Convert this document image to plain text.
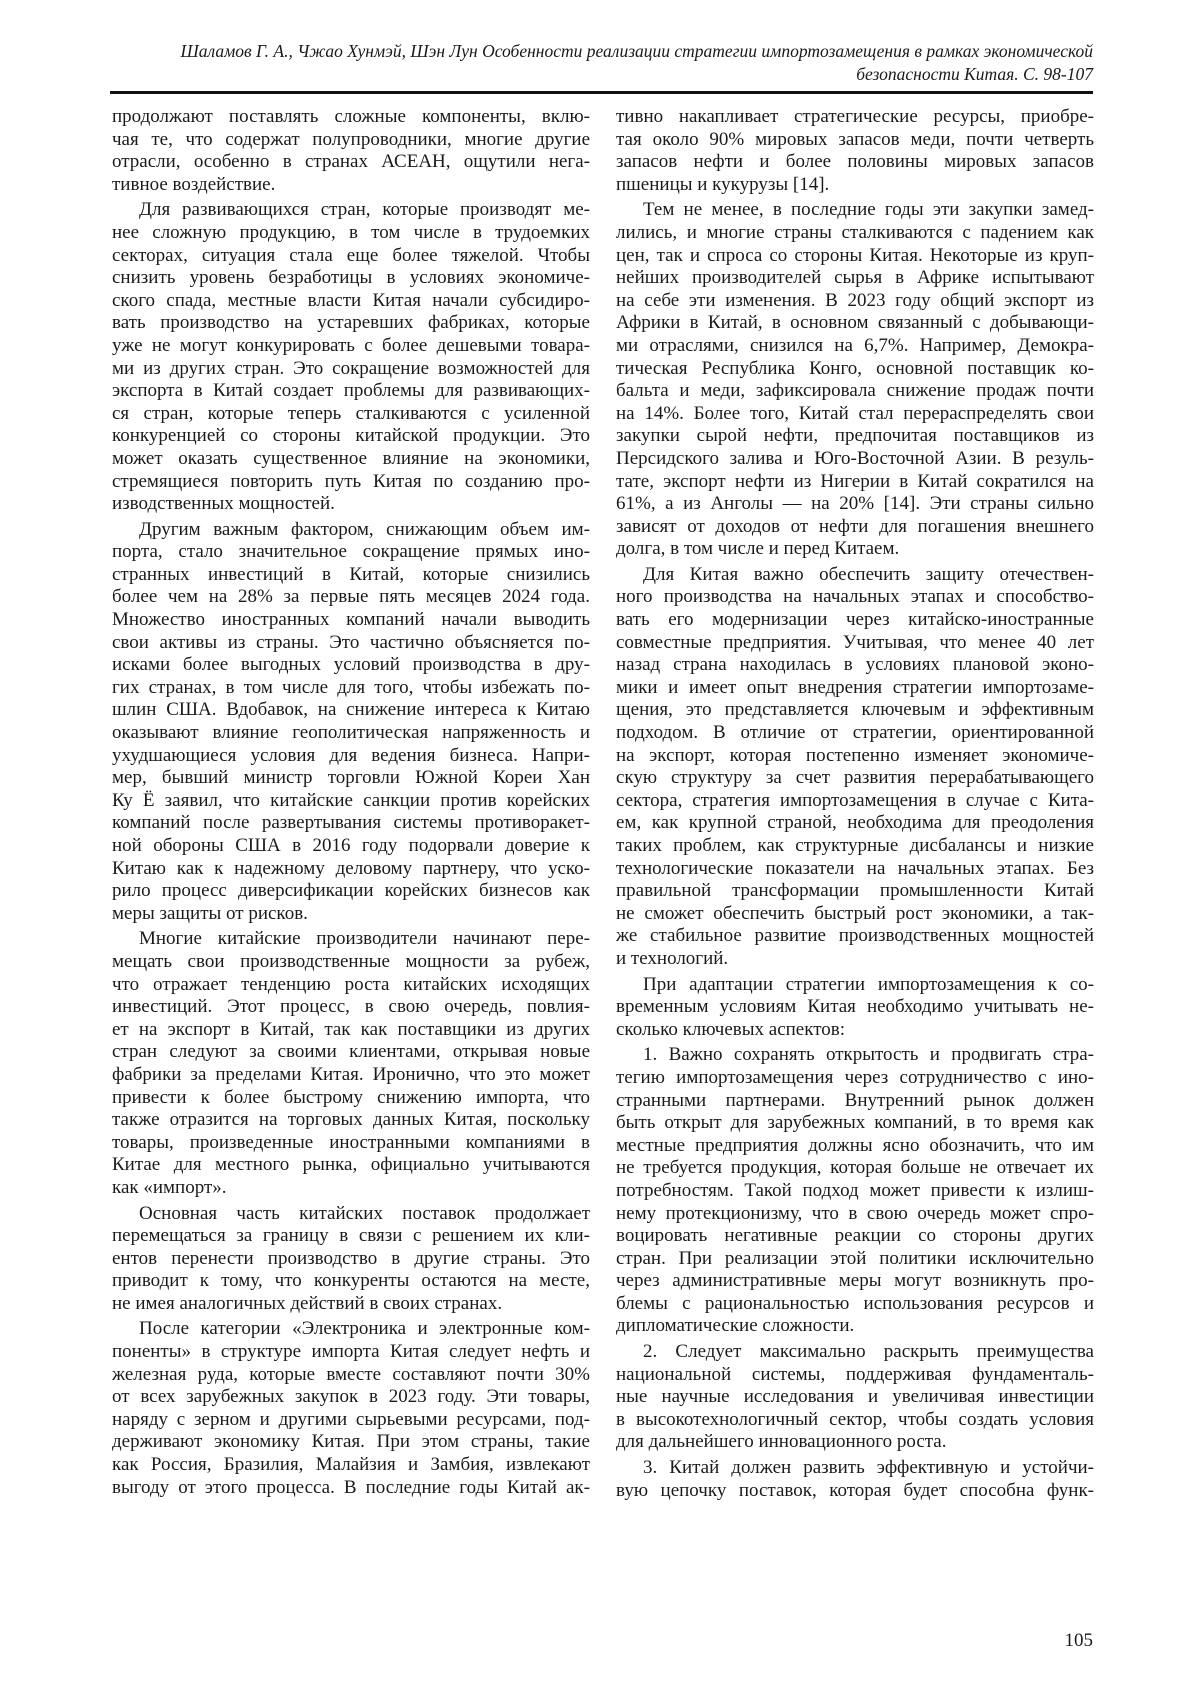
Шаламов Г. А., Чжао Хунмэй, Шэн Лун Особенности реализации стратегии импортозамещения в рамках экономической
безопасности Китая. С. 98-107
продолжают поставлять сложные компоненты, вклю-
чая те, что содержат полупроводники, многие другие
отрасли, особенно в странах АСЕАН, ощутили нега-
тивное воздействие.
Для развивающихся стран, которые производят ме-
нее сложную продукцию, в том числе в трудоемких
секторах, ситуация стала еще более тяжелой. Чтобы
снизить уровень безработицы в условиях экономиче-
ского спада, местные власти Китая начали субсидиро-
вать производство на устаревших фабриках, которые
уже не могут конкурировать с более дешевыми товара-
ми из других стран. Это сокращение возможностей для
экспорта в Китай создает проблемы для развивающих-
ся стран, которые теперь сталкиваются с усиленной
конкуренцией со стороны китайской продукции. Это
может оказать существенное влияние на экономики,
стремящиеся повторить путь Китая по созданию про-
изводственных мощностей.
Другим важным фактором, снижающим объем им-
порта, стало значительное сокращение прямых ино-
странных инвестиций в Китай, которые снизились
более чем на 28% за первые пять месяцев 2024 года.
Множество иностранных компаний начали выводить
свои активы из страны. Это частично объясняется по-
исками более выгодных условий производства в дру-
гих странах, в том числе для того, чтобы избежать по-
шлин США. Вдобавок, на снижение интереса к Китаю
оказывают влияние геополитическая напряженность и
ухудшающиеся условия для ведения бизнеса. Напри-
мер, бывший министр торговли Южной Кореи Хан
Ку Ё заявил, что китайские санкции против корейских
компаний после развертывания системы противоракет-
ной обороны США в 2016 году подорвали доверие к
Китаю как к надежному деловому партнеру, что уско-
рило процесс диверсификации корейских бизнесов как
меры защиты от рисков.
Многие китайские производители начинают пере-
мещать свои производственные мощности за рубеж,
что отражает тенденцию роста китайских исходящих
инвестиций. Этот процесс, в свою очередь, повлия-
ет на экспорт в Китай, так как поставщики из других
стран следуют за своими клиентами, открывая новые
фабрики за пределами Китая. Иронично, что это может
привести к более быстрому снижению импорта, что
также отразится на торговых данных Китая, поскольку
товары, произведенные иностранными компаниями в
Китае для местного рынка, официально учитываются
как «импорт».
Основная часть китайских поставок продолжает
перемещаться за границу в связи с решением их кли-
ентов перенести производство в другие страны. Это
приводит к тому, что конкуренты остаются на месте,
не имея аналогичных действий в своих странах.
После категории «Электроника и электронные ком-
поненты» в структуре импорта Китая следует нефть и
железная руда, которые вместе составляют почти 30%
от всех зарубежных закупок в 2023 году. Эти товары,
наряду с зерном и другими сырьевыми ресурсами, под-
держивают экономику Китая. При этом страны, такие
как Россия, Бразилия, Малайзия и Замбия, извлекают
выгоду от этого процесса. В последние годы Китай ак-
тивно накапливает стратегические ресурсы, приобре-
тая около 90% мировых запасов меди, почти четверть
запасов нефти и более половины мировых запасов
пшеницы и кукурузы [14].
Тем не менее, в последние годы эти закупки замед-
лились, и многие страны сталкиваются с падением как
цен, так и спроса со стороны Китая. Некоторые из круп-
нейших производителей сырья в Африке испытывают
на себе эти изменения. В 2023 году общий экспорт из
Африки в Китай, в основном связанный с добывающи-
ми отраслями, снизился на 6,7%. Например, Демокра-
тическая Республика Конго, основной поставщик ко-
бальта и меди, зафиксировала снижение продаж почти
на 14%. Более того, Китай стал перераспределять свои
закупки сырой нефти, предпочитая поставщиков из
Персидского залива и Юго-Восточной Азии. В резуль-
тате, экспорт нефти из Нигерии в Китай сократился на
61%, а из Анголы — на 20% [14]. Эти страны сильно
зависят от доходов от нефти для погашения внешнего
долга, в том числе и перед Китаем.
Для Китая важно обеспечить защиту отечествен-
ного производства на начальных этапах и способство-
вать его модернизации через китайско-иностранные
совместные предприятия. Учитывая, что менее 40 лет
назад страна находилась в условиях плановой эконо-
мики и имеет опыт внедрения стратегии импортозаме-
щения, это представляется ключевым и эффективным
подходом. В отличие от стратегии, ориентированной
на экспорт, которая постепенно изменяет экономиче-
скую структуру за счет развития перерабатывающего
сектора, стратегия импортозамещения в случае с Кита-
ем, как крупной страной, необходима для преодоления
таких проблем, как структурные дисбалансы и низкие
технологические показатели на начальных этапах. Без
правильной трансформации промышленности Китай
не сможет обеспечить быстрый рост экономики, а так-
же стабильное развитие производственных мощностей
и технологий.
При адаптации стратегии импортозамещения к со-
временным условиям Китая необходимо учитывать не-
сколько ключевых аспектов:
1. Важно сохранять открытость и продвигать стра-
тегию импортозамещения через сотрудничество с ино-
странными партнерами. Внутренний рынок должен
быть открыт для зарубежных компаний, в то время как
местные предприятия должны ясно обозначить, что им
не требуется продукция, которая больше не отвечает их
потребностям. Такой подход может привести к излиш-
нему протекционизму, что в свою очередь может спро-
воцировать негативные реакции со стороны других
стран. При реализации этой политики исключительно
через административные меры могут возникнуть про-
блемы с рациональностью использования ресурсов и
дипломатические сложности.
2. Следует максимально раскрыть преимущества
национальной системы, поддерживая фундаменталь-
ные научные исследования и увеличивая инвестиции
в высокотехнологичный сектор, чтобы создать условия
для дальнейшего инновационного роста.
3. Китай должен развить эффективную и устойчи-
вую цепочку поставок, которая будет способна функ-
105
